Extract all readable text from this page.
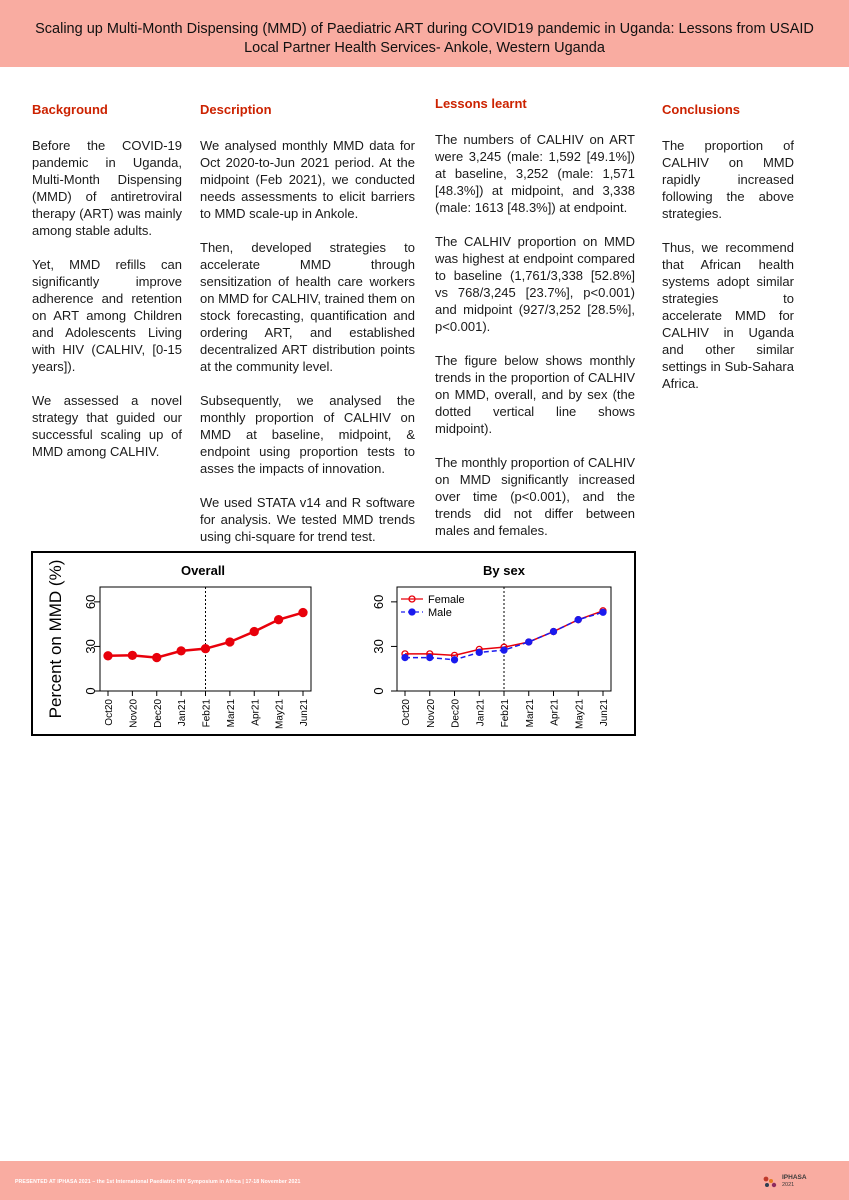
Scaling up Multi-Month Dispensing (MMD) of Paediatric ART during COVID19 pandemic in Uganda: Lessons from USAID Local Partner Health Services- Ankole, Western Uganda
Background

Before the COVID-19 pandemic in Uganda, Multi-Month Dispensing (MMD) of antiretroviral therapy (ART) was mainly among stable adults.

Yet, MMD refills can significantly improve adherence and retention on ART among Children and Adolescents Living with HIV (CALHIV, [0-15 years]).

We assessed a novel strategy that guided our successful scaling up of MMD among CALHIV.

Description

We analysed monthly MMD data for Oct 2020-to-Jun 2021 period. At the midpoint (Feb 2021), we conducted needs assessments to elicit barriers to MMD scale-up in Ankole.

Then, developed strategies to accelerate MMD through sensitization of health care workers on MMD for CALHIV, trained them on stock forecasting, quantification and ordering ART, and established decentralized ART distribution points at the community level.

Subsequently, we analysed the monthly proportion of CALHIV on MMD at baseline, midpoint, & endpoint using proportion tests to asses the impacts of innovation.

We used STATA v14 and R software for analysis. We tested MMD trends using chi-square for trend test.

Lessons learnt

The numbers of CALHIV on ART were 3,245 (male: 1,592 [49.1%]) at baseline, 3,252 (male: 1,571 [48.3%]) at midpoint, and 3,338 (male: 1613 [48.3%]) at endpoint.

The CALHIV proportion on MMD was highest at endpoint compared to baseline (1,761/3,338 [52.8%] vs 768/3,245 [23.7%], p<0.001) and midpoint (927/3,252 [28.5%], p<0.001).

The figure below shows monthly trends in the proportion of CALHIV on MMD, overall, and by sex (the dotted vertical line shows midpoint).

The monthly proportion of CALHIV on MMD significantly increased over time (p<0.001), and the trends did not differ between males and females.

Conclusions

The proportion of CALHIV on MMD rapidly increased following the above strategies.

Thus, we recommend that African health systems adopt similar strategies to accelerate MMD for CALHIV in Uganda and other similar settings in Sub-Sahara Africa.

Percent on MMD (%)	Overall
0
30
60
Oct20 Nov20 Dec20 Jan21 Feb21 Mar21 Apr21 May21 Jun21
By sex
0
30
60
Oct20 Nov20 Dec20 Jan21 Feb21 Mar21 Apr21 May21 Jun21
Female
Male
PRESENTED AT IPHASA 2021 – the 1st International Paediatric HIV Symposium in Africa | 17-18 November 2021
IPHASA
2021
